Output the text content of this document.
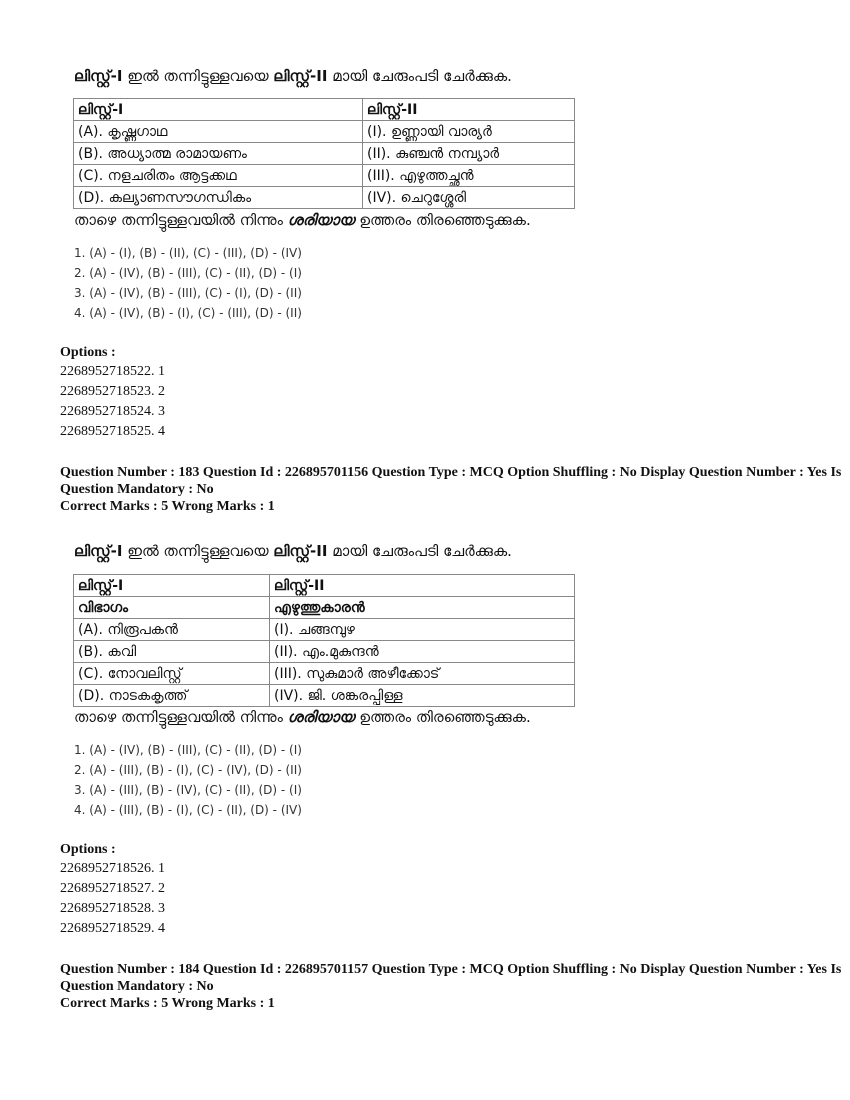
ലിസ്റ്റ്-I ഇൽ തന്നിട്ടുള്ളവയെ ലിസ്റ്റ്-II മായി ചേരുംപടി ചേർക്കുക.
ലിസ്റ്റ്-I	ലിസ്റ്റ്-II
(A). കൃഷ്ണഗാഥ	(I). ഉണ്ണായി വാര്യർ
(B). അധ്യാത്മ രാമായണം	(II). കുഞ്ചൻ നമ്പ്യാർ
(C). നളചരിതം ആട്ടക്കഥ	(III). എഴുത്തച്ഛൻ
(D). കല്യാണസൗഗന്ധികം	(IV). ചെറുശ്ശേരി
താഴെ തന്നിട്ടുള്ളവയിൽ നിന്നും ശരിയായ ഉത്തരം തിരഞ്ഞെടുക്കുക.
1. (A) - (I), (B) - (II), (C) - (III), (D) - (IV)
2. (A) - (IV), (B) - (III), (C) - (II), (D) - (I)
3. (A) - (IV), (B) - (III), (C) - (I), (D) - (II)
4. (A) - (IV), (B) - (I), (C) - (III), (D) - (II)
Options :
2268952718522. 1
2268952718523. 2
2268952718524. 3
2268952718525. 4
Question Number : 183 Question Id : 226895701156 Question Type : MCQ Option Shuffling : No Display Question Number : Yes Is
Question Mandatory : No
Correct Marks : 5 Wrong Marks : 1
ലിസ്റ്റ്-I ഇൽ തന്നിട്ടുള്ളവയെ ലിസ്റ്റ്-II മായി ചേരുംപടി ചേർക്കുക.
ലിസ്റ്റ്-I	ലിസ്റ്റ്-II
വിഭാഗം	എഴുത്തുകാരൻ
(A). നിരൂപകൻ	(I). ചങ്ങമ്പുഴ
(B). കവി	(II). എം.മുകുന്ദൻ
(C). നോവലിസ്റ്റ്	(III). സുകുമാർ അഴീക്കോട്
(D). നാടകകൃത്ത്	(IV). ജി. ശങ്കരപ്പിള്ള
താഴെ തന്നിട്ടുള്ളവയിൽ നിന്നും ശരിയായ ഉത്തരം തിരഞ്ഞെടുക്കുക.
1. (A) - (IV), (B) - (III), (C) - (II), (D) - (I)
2. (A) - (III), (B) - (I), (C) - (IV), (D) - (II)
3. (A) - (III), (B) - (IV), (C) - (II), (D) - (I)
4. (A) - (III), (B) - (I), (C) - (II), (D) - (IV)
Options :
2268952718526. 1
2268952718527. 2
2268952718528. 3
2268952718529. 4
Question Number : 184 Question Id : 226895701157 Question Type : MCQ Option Shuffling : No Display Question Number : Yes Is
Question Mandatory : No
Correct Marks : 5 Wrong Marks : 1
